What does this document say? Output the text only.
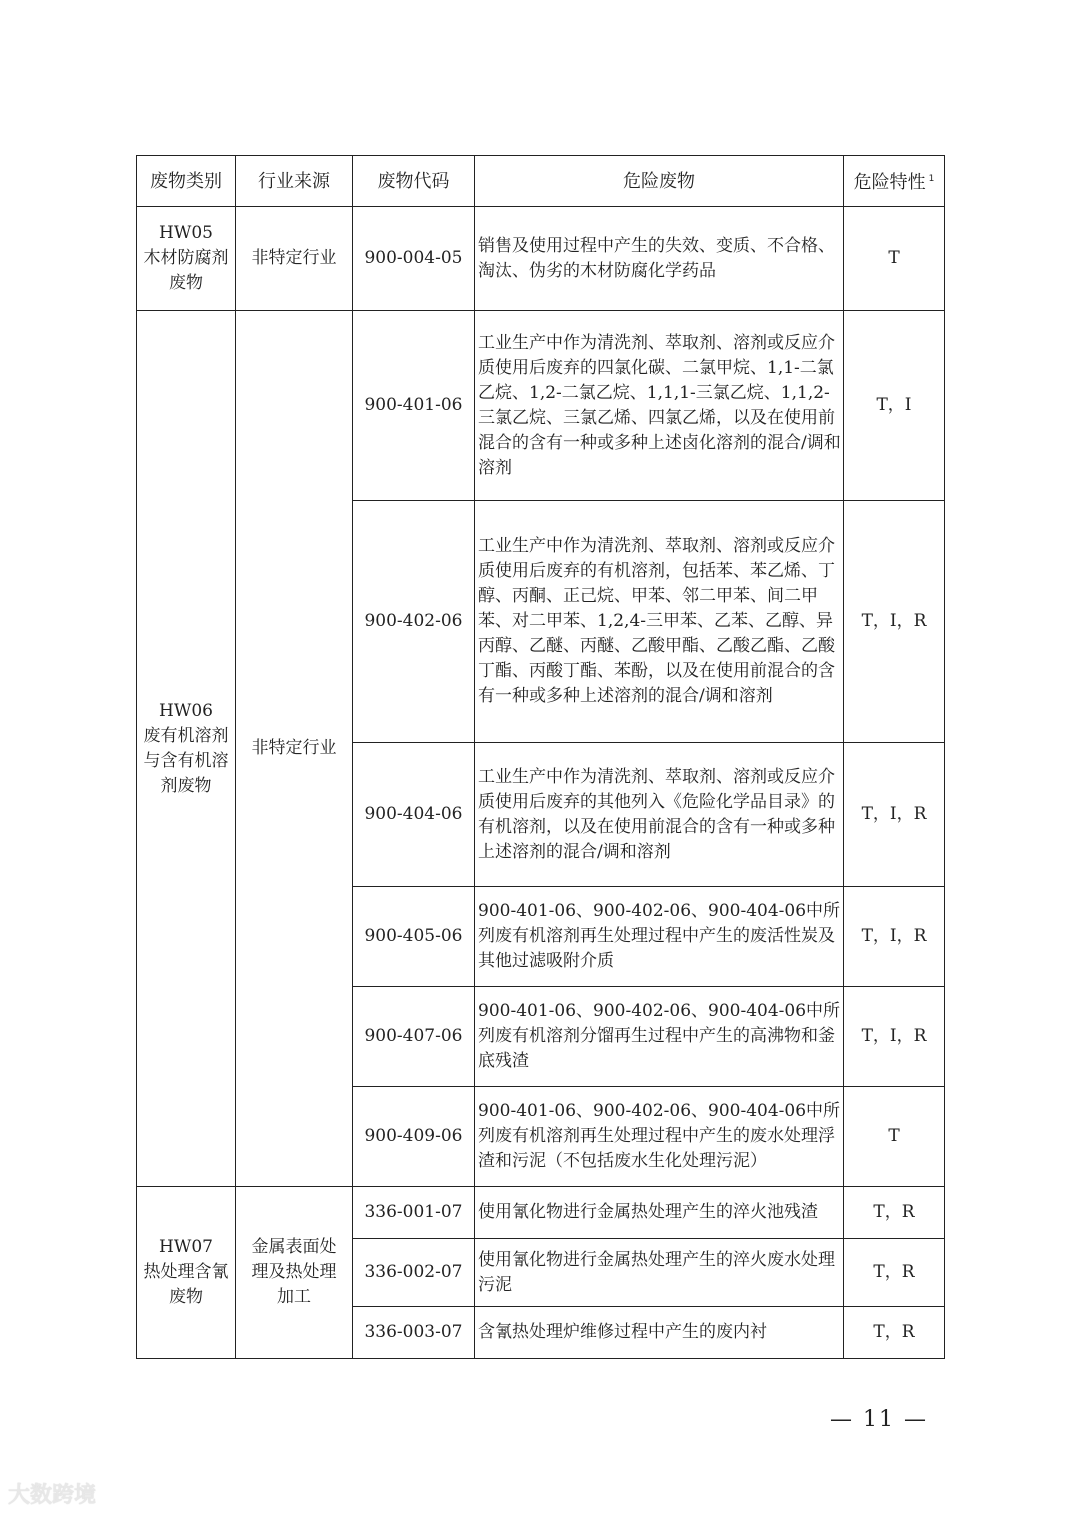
废物类别	行业来源	废物代码	危险废物	危险特性 $^1$

HW05
木材防腐剂
废物	非特定行业	900-004-05	销售及使用过程中产生的失效、变质、不合格、淘汰、伪劣的木材防腐化学药品	T

HW06
废有机溶剂
与含有机溶
剂废物	非特定行业	900-401-06	工业生产中作为清洗剂、萃取剂、溶剂或反应介质使用后废弃的四氯化碳、二氯甲烷、1,1-二氯乙烷、1,2-二氯乙烷、1,1,1-三氯乙烷、1,1,2-三氯乙烷、三氯乙烯、四氯乙烯，以及在使用前混合的含有一种或多种上述卤化溶剂的混合/调和溶剂	T，I
		900-402-06	工业生产中作为清洗剂、萃取剂、溶剂或反应介质使用后废弃的有机溶剂，包括苯、苯乙烯、丁醇、丙酮、正己烷、甲苯、邻二甲苯、间二甲苯、对二甲苯、1,2,4-三甲苯、乙苯、乙醇、异丙醇、乙醚、丙醚、乙酸甲酯、乙酸乙酯、乙酸丁酯、丙酸丁酯、苯酚，以及在使用前混合的含有一种或多种上述溶剂的混合/调和溶剂	T，I，R
		900-404-06	工业生产中作为清洗剂、萃取剂、溶剂或反应介质使用后废弃的其他列入《危险化学品目录》的有机溶剂，以及在使用前混合的含有一种或多种上述溶剂的混合/调和溶剂	T，I，R
		900-405-06	900-401-06、900-402-06、900-404-06中所列废有机溶剂再生处理过程中产生的废活性炭及其他过滤吸附介质	T，I，R
		900-407-06	900-401-06、900-402-06、900-404-06中所列废有机溶剂分馏再生过程中产生的高沸物和釜底残渣	T，I，R
		900-409-06	900-401-06、900-402-06、900-404-06中所列废有机溶剂再生处理过程中产生的废水处理浮渣和污泥（不包括废水生化处理污泥）	T

HW07
热处理含氰
废物	金属表面处理及热处理加工	336-001-07	使用氰化物进行金属热处理产生的淬火池残渣	T，R
		336-002-07	使用氰化物进行金属热处理产生的淬火废水处理污泥	T，R
		336-003-07	含氰热处理炉维修过程中产生的废内衬	T，R
— 11 —
大数跨境
